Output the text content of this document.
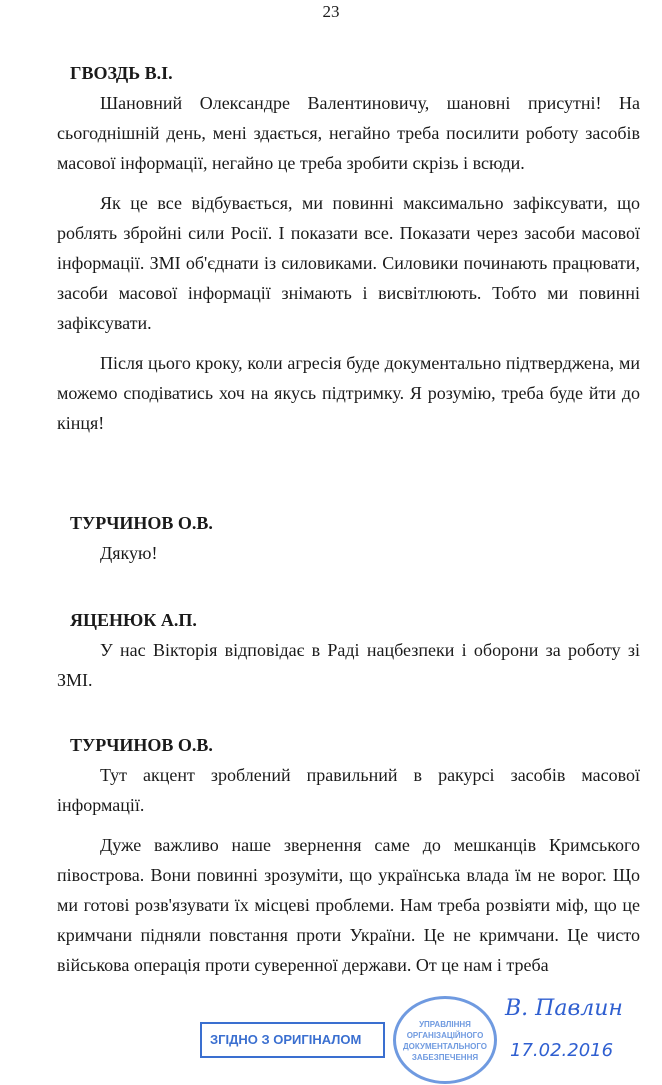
23
ГВОЗДЬ В.І.

Шановний Олександре Валентиновичу, шановні присутні! На сьогоднішній день, мені здається, негайно треба посилити роботу засобів масової інформації, негайно це треба зробити скрізь і всюди.

Як це все відбувається, ми повинні максимально зафіксувати, що роблять збройні сили Росії. І показати все. Показати через засоби масової інформації. ЗМІ об'єднати із силовиками. Силовики починають працювати, засоби масової інформації знімають і висвітлюють. Тобто ми повинні зафіксувати.

Після цього кроку, коли агресія буде документально підтверджена, ми можемо сподіватись хоч на якусь підтримку. Я розумію, треба буде йти до кінця!

ТУРЧИНОВ О.В.

Дякую!

ЯЦЕНЮК А.П.

У нас Вікторія відповідає в Раді нацбезпеки і оборони за роботу зі ЗМІ.

ТУРЧИНОВ О.В.

Тут акцент зроблений правильний в ракурсі засобів масової інформації.

Дуже важливо наше звернення саме до мешканців Кримського півострова. Вони повинні зрозуміти, що українська влада їм не ворог. Що ми готові розв'язувати їх місцеві проблеми. Нам треба розвіяти міф, що це кримчани підняли повстання проти України. Це не кримчани. Це чисто військова операція проти суверенної держави. От це нам і треба

ЗГІДНО З ОРИГІНАЛОМ
УПРАВЛІННЯ ОРГАНІЗАЦІЙНОГО ДОКУМЕНТАЛЬНОГО ЗАБЕЗПЕЧЕННЯ
В. Павлин
17.02.2016
